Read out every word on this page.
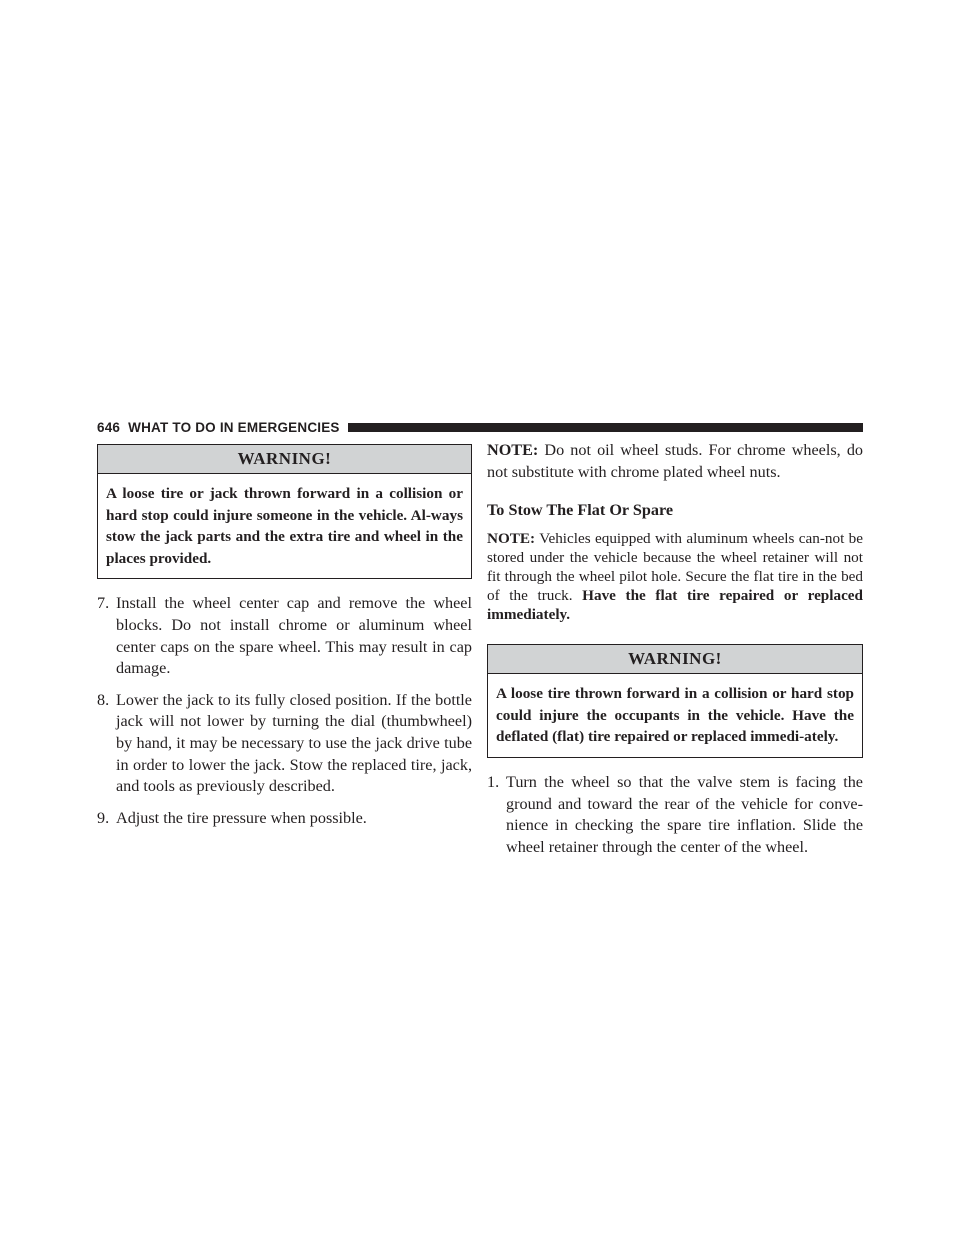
646 WHAT TO DO IN EMERGENCIES
WARNING!
A loose tire or jack thrown forward in a collision or hard stop could injure someone in the vehicle. Al-ways stow the jack parts and the extra tire and wheel in the places provided.
7. Install the wheel center cap and remove the wheel blocks. Do not install chrome or aluminum wheel center caps on the spare wheel. This may result in cap damage.
8. Lower the jack to its fully closed position. If the bottle jack will not lower by turning the dial (thumbwheel) by hand, it may be necessary to use the jack drive tube in order to lower the jack. Stow the replaced tire, jack, and tools as previously described.
9. Adjust the tire pressure when possible.

NOTE: Do not oil wheel studs. For chrome wheels, do not substitute with chrome plated wheel nuts.

To Stow The Flat Or Spare

NOTE: Vehicles equipped with aluminum wheels can-not be stored under the vehicle because the wheel retainer will not fit through the wheel pilot hole. Secure the flat tire in the bed of the truck. Have the flat tire repaired or replaced immediately.

WARNING!
A loose tire thrown forward in a collision or hard stop could injure the occupants in the vehicle. Have the deflated (flat) tire repaired or replaced immedi-ately.
1. Turn the wheel so that the valve stem is facing the ground and toward the rear of the vehicle for conve-nience in checking the spare tire inflation. Slide the wheel retainer through the center of the wheel.
